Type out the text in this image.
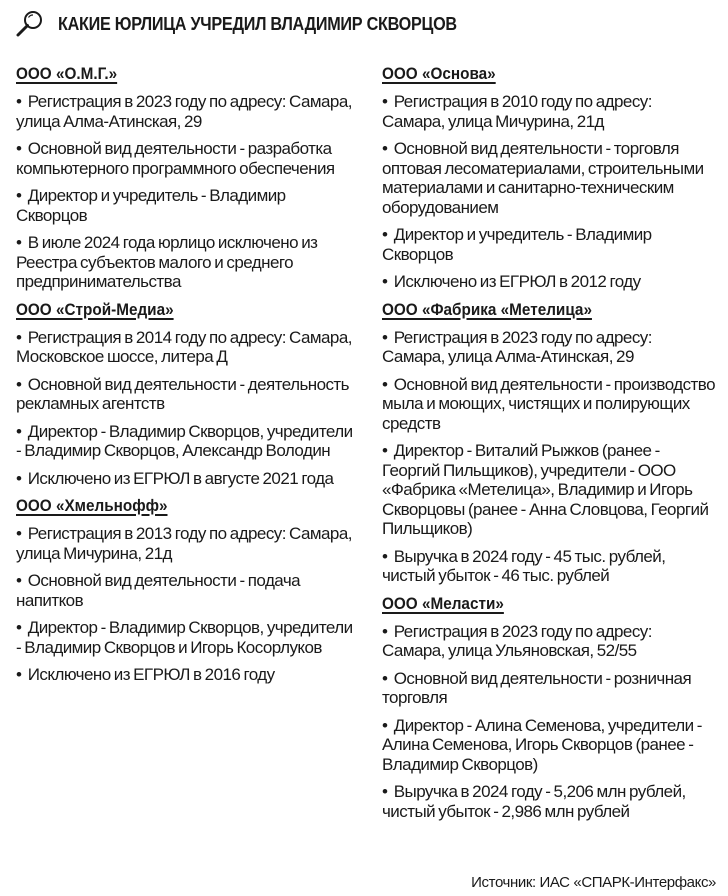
КАКИЕ ЮРЛИЦА УЧРЕДИЛ ВЛАДИМИР СКВОРЦОВ
ООО «О.М.Г.»
•  Регистрация в 2023 году по адресу: Самара, улица Алма-Атинская, 29
•  Основной вид деятельности - разработка компьютерного программного обеспечения
•  Директор и учредитель - Владимир Скворцов
•  В июле 2024 года юрлицо исключено из Реестра субъектов малого и среднего предпринимательства
ООО «Строй-Медиа»
•  Регистрация в 2014 году по адресу: Самара, Московское шоссе, литера Д
•  Основной вид деятельности - деятельность рекламных агентств
•  Директор - Владимир Скворцов, учредители - Владимир Скворцов, Александр Володин
•  Исключено из ЕГРЮЛ в августе 2021 года
ООО «Хмельнофф»
•  Регистрация в 2013 году по адресу: Самара, улица Мичурина, 21д
•  Основной вид деятельности - подача напитков
•  Директор - Владимир Скворцов, учредители - Владимир Скворцов и Игорь Косорлуков
•  Исключено из ЕГРЮЛ в 2016 году
ООО «Основа»
•  Регистрация в 2010 году по адресу: Самара, улица Мичурина, 21д
•  Основной вид деятельности - торговля оптовая лесоматериалами, строительными материалами и санитарно-техническим оборудованием
•  Директор и учредитель - Владимир Скворцов
•  Исключено из ЕГРЮЛ в 2012 году
ООО «Фабрика «Метелица»
•  Регистрация в 2023 году по адресу: Самара, улица Алма-Атинская, 29
•  Основной вид деятельности - производство мыла и моющих, чистящих и полирующих средств
•  Директор - Виталий Рыжков (ранее - Георгий Пильщиков), учредители - ООО «Фабрика «Метелица», Владимир и Игорь Скворцовы (ранее - Анна Словцова, Георгий Пильщиков)
•  Выручка в 2024 году - 45 тыс. рублей, чистый убыток - 46 тыс. рублей
ООО «Меласти»
•  Регистрация в 2023 году по адресу: Самара, улица Ульяновская, 52/55
•  Основной вид деятельности - розничная торговля
•  Директор - Алина Семенова, учредители - Алина Семенова, Игорь Скворцов (ранее - Владимир Скворцов)
•  Выручка в 2024 году - 5,206 млн рублей, чистый убыток - 2,986 млн рублей
Источник: ИАС «СПАРК-Интерфакс»
